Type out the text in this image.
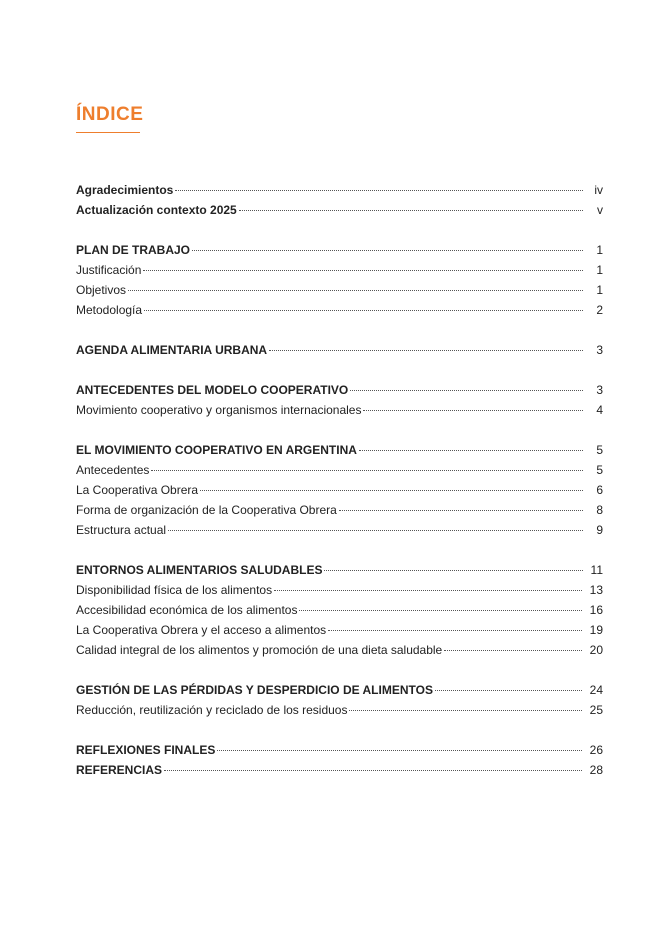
ÍNDICE
Agradecimientos	iv
Actualización contexto 2025	v
PLAN DE TRABAJO	1
Justificación	1
Objetivos	1
Metodología	2
AGENDA ALIMENTARIA URBANA	3
ANTECEDENTES DEL MODELO COOPERATIVO	3
Movimiento cooperativo y organismos internacionales	4
EL MOVIMIENTO COOPERATIVO EN ARGENTINA	5
Antecedentes	5
La Cooperativa Obrera	6
Forma de organización de la Cooperativa Obrera	8
Estructura actual	9
ENTORNOS ALIMENTARIOS SALUDABLES	11
Disponibilidad física de los alimentos	13
Accesibilidad económica de los alimentos	16
La Cooperativa Obrera y el acceso a alimentos	19
Calidad integral de los alimentos y promoción de una dieta saludable	20
GESTIÓN DE LAS PÉRDIDAS Y DESPERDICIO DE ALIMENTOS	24
Reducción, reutilización y reciclado de los residuos	25
REFLEXIONES FINALES	26
REFERENCIAS	28
